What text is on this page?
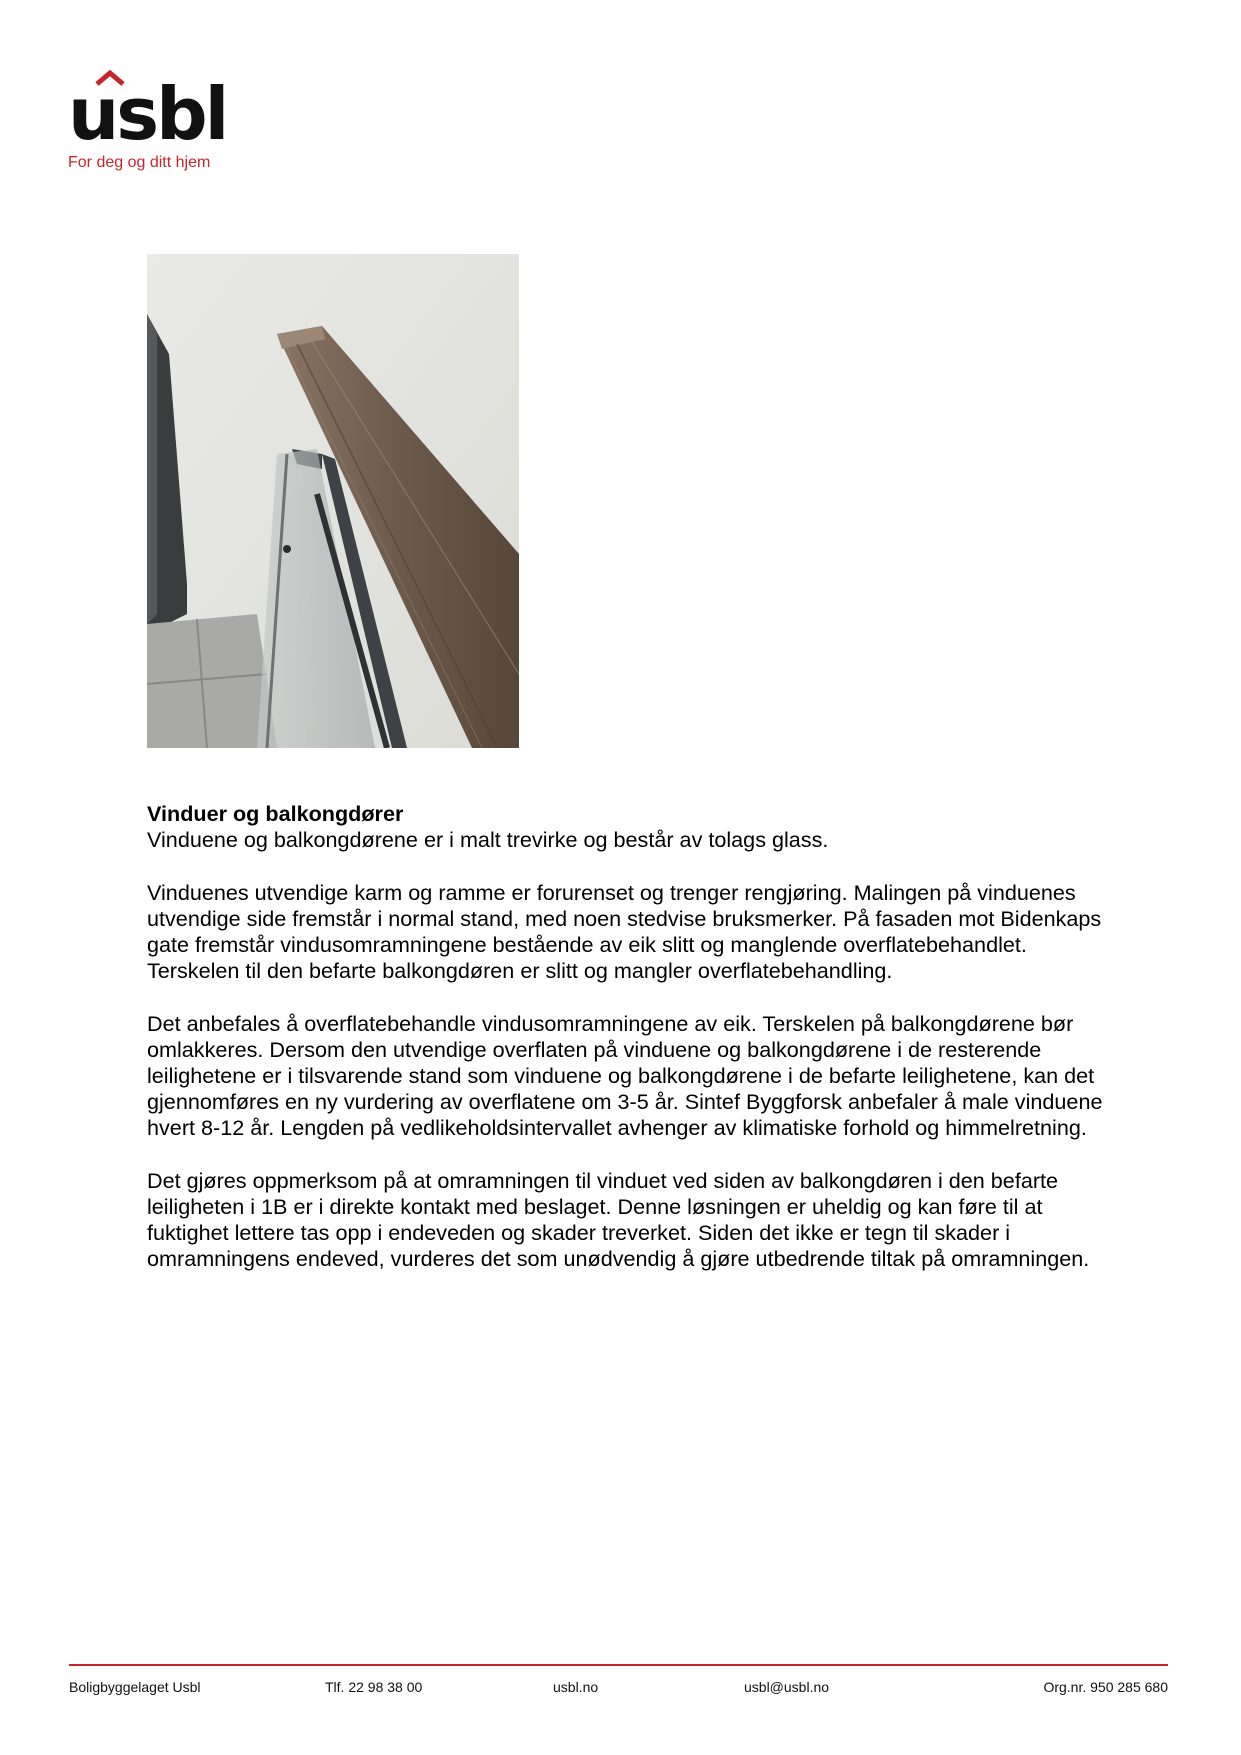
usbl
For deg og ditt hjem
Vinduer og balkongdører

Vinduene og balkongdørene er i malt trevirke og består av tolags glass.

Vinduenes utvendige karm og ramme er forurenset og trenger rengjøring. Malingen på vinduenes utvendige side fremstår i normal stand, med noen stedvise bruksmerker. På fasaden mot Bidenkaps gate fremstår vindusomramningene bestående av eik slitt og manglende overflatebehandlet. Terskelen til den befarte balkongdøren er slitt og mangler overflatebehandling.

Det anbefales å overflatebehandle vindusomramningene av eik. Terskelen på balkongdørene bør omlakkeres. Dersom den utvendige overflaten på vinduene og balkongdørene i de resterende leilighetene er i tilsvarende stand som vinduene og balkongdørene i de befarte leilighetene, kan det gjennomføres en ny vurdering av overflatene om 3-5 år. Sintef Byggforsk anbefaler å male vinduene hvert 8-12 år. Lengden på vedlikeholdsintervallet avhenger av klimatiske forhold og himmelretning.

Det gjøres oppmerksom på at omramningen til vinduet ved siden av balkongdøren i den befarte leiligheten i 1B er i direkte kontakt med beslaget. Denne løsningen er uheldig og kan føre til at fuktighet lettere tas opp i endeveden og skader treverket. Siden det ikke er tegn til skader i omramningens endeved, vurderes det som unødvendig å gjøre utbedrende tiltak på omramningen.

Boligbyggelaget Usbl	Tlf. 22 98 38 00	usbl.no	usbl@usbl.no	Org.nr. 950 285 680
